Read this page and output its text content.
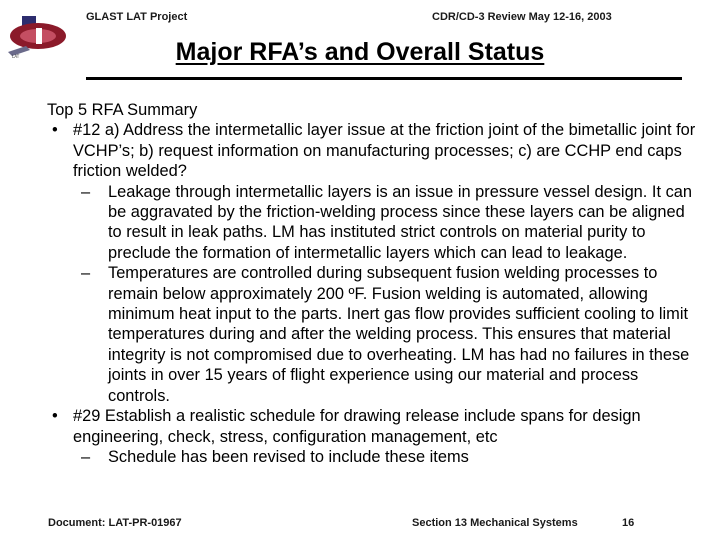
LAT
GLAST LAT Project	CDR/CD-3 Review May 12-16, 2003
Major RFA’s and Overall Status
Top 5 RFA Summary
• #12 a) Address the intermetallic layer issue at the friction joint of the bimetallic joint for VCHP’s; b) request information on manufacturing processes; c) are CCHP end caps friction welded?
– Leakage through intermetallic layers is an issue in pressure vessel design. It can be aggravated by the friction-welding process since these layers can be aligned to result in leak paths. LM has instituted strict controls on material purity to preclude the formation of intermetallic layers which can lead to leakage.
– Temperatures are controlled during subsequent fusion welding processes to remain below approximately 200 ºF. Fusion welding is automated, allowing minimum heat input to the parts. Inert gas flow provides sufficient cooling to limit temperatures during and after the welding process. This ensures that material integrity is not compromised due to overheating. LM has had no failures in these joints in over 15 years of flight experience using our material and process controls.
• #29 Establish a realistic schedule for drawing release include spans for design engineering, check, stress, configuration management, etc
– Schedule has been revised to include these items
Document: LAT-PR-01967	Section 13 Mechanical Systems	16
